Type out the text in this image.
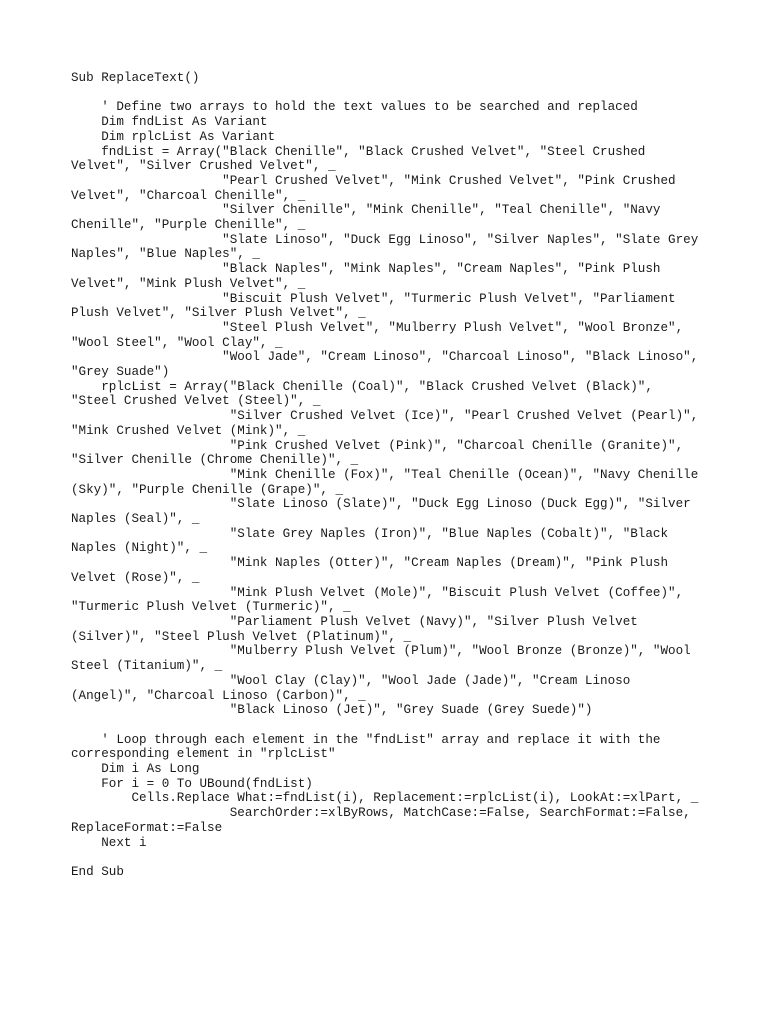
Sub ReplaceText()
' Define two arrays to hold the text values to be searched and replaced
Dim fndList As Variant
Dim rplcList As Variant
fndList = Array("Black Chenille", "Black Crushed Velvet", "Steel Crushed
Velvet", "Silver Crushed Velvet", _
"Pearl Crushed Velvet", "Mink Crushed Velvet", "Pink Crushed
Velvet", "Charcoal Chenille", _
"Silver Chenille", "Mink Chenille", "Teal Chenille", "Navy
Chenille", "Purple Chenille", _
"Slate Linoso", "Duck Egg Linoso", "Silver Naples", "Slate Grey
Naples", "Blue Naples", _
"Black Naples", "Mink Naples", "Cream Naples", "Pink Plush
Velvet", "Mink Plush Velvet", _
"Biscuit Plush Velvet", "Turmeric Plush Velvet", "Parliament
Plush Velvet", "Silver Plush Velvet", _
"Steel Plush Velvet", "Mulberry Plush Velvet", "Wool Bronze",
"Wool Steel", "Wool Clay", _
"Wool Jade", "Cream Linoso", "Charcoal Linoso", "Black Linoso",
"Grey Suade")
rplcList = Array("Black Chenille (Coal)", "Black Crushed Velvet (Black)",
"Steel Crushed Velvet (Steel)", _
"Silver Crushed Velvet (Ice)", "Pearl Crushed Velvet (Pearl)",
"Mink Crushed Velvet (Mink)", _
"Pink Crushed Velvet (Pink)", "Charcoal Chenille (Granite)",
"Silver Chenille (Chrome Chenille)", _
"Mink Chenille (Fox)", "Teal Chenille (Ocean)", "Navy Chenille
(Sky)", "Purple Chenille (Grape)", _
"Slate Linoso (Slate)", "Duck Egg Linoso (Duck Egg)", "Silver
Naples (Seal)", _
"Slate Grey Naples (Iron)", "Blue Naples (Cobalt)", "Black
Naples (Night)", _
"Mink Naples (Otter)", "Cream Naples (Dream)", "Pink Plush
Velvet (Rose)", _
"Mink Plush Velvet (Mole)", "Biscuit Plush Velvet (Coffee)",
"Turmeric Plush Velvet (Turmeric)", _
"Parliament Plush Velvet (Navy)", "Silver Plush Velvet
(Silver)", "Steel Plush Velvet (Platinum)", _
"Mulberry Plush Velvet (Plum)", "Wool Bronze (Bronze)", "Wool
Steel (Titanium)", _
"Wool Clay (Clay)", "Wool Jade (Jade)", "Cream Linoso
(Angel)", "Charcoal Linoso (Carbon)", _
"Black Linoso (Jet)", "Grey Suade (Grey Suede)")
' Loop through each element in the "fndList" array and replace it with the
corresponding element in "rplcList"
Dim i As Long
For i = 0 To UBound(fndList)
Cells.Replace What:=fndList(i), Replacement:=rplcList(i), LookAt:=xlPart, _
SearchOrder:=xlByRows, MatchCase:=False, SearchFormat:=False,
ReplaceFormat:=False
Next i
End Sub
